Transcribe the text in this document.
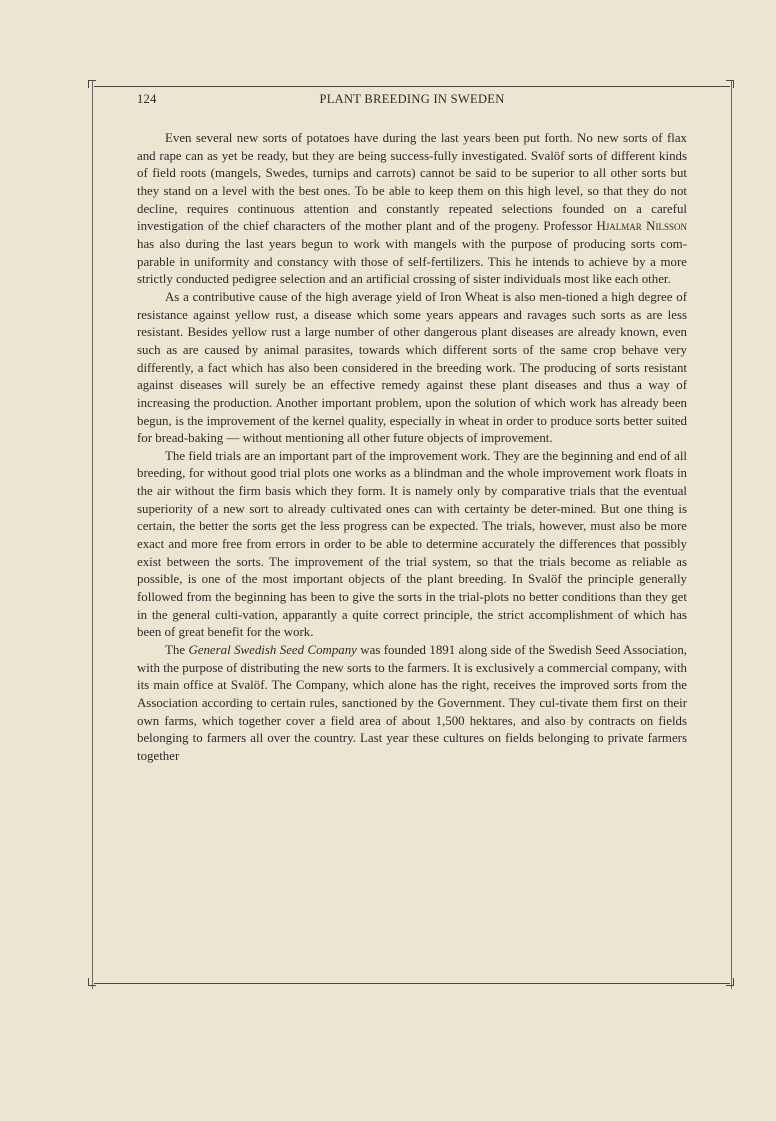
124	PLANT BREEDING IN SWEDEN

Even several new sorts of potatoes have during the last years been put forth. No new sorts of flax and rape can as yet be ready, but they are being success-fully investigated. Svalöf sorts of different kinds of field roots (mangels, Swedes, turnips and carrots) cannot be said to be superior to all other sorts but they stand on a level with the best ones. To be able to keep them on this high level, so that they do not decline, requires continuous attention and constantly repeated selections founded on a careful investigation of the chief characters of the mother plant and of the progeny. Professor Hjalmar Nilsson has also during the last years begun to work with mangels with the purpose of producing sorts com-parable in uniformity and constancy with those of self-fertilizers. This he intends to achieve by a more strictly conducted pedigree selection and an artificial crossing of sister individuals most like each other.

As a contributive cause of the high average yield of Iron Wheat is also men-tioned a high degree of resistance against yellow rust, a disease which some years appears and ravages such sorts as are less resistant. Besides yellow rust a large number of other dangerous plant diseases are already known, even such as are caused by animal parasites, towards which different sorts of the same crop behave very differently, a fact which has also been considered in the breeding work. The producing of sorts resistant against diseases will surely be an effective remedy against these plant diseases and thus a way of increasing the production. Another important problem, upon the solution of which work has already been begun, is the improvement of the kernel quality, especially in wheat in order to produce sorts better suited for bread-baking — without mentioning all other future objects of improvement.

The field trials are an important part of the improvement work. They are the beginning and end of all breeding, for without good trial plots one works as a blindman and the whole improvement work floats in the air without the firm basis which they form. It is namely only by comparative trials that the eventual superiority of a new sort to already cultivated ones can with certainty be deter-mined. But one thing is certain, the better the sorts get the less progress can be expected. The trials, however, must also be more exact and more free from errors in order to be able to determine accurately the differences that possibly exist between the sorts. The improvement of the trial system, so that the trials become as reliable as possible, is one of the most important objects of the plant breeding. In Svalöf the principle generally followed from the beginning has been to give the sorts in the trial-plots no better conditions than they get in the general culti-vation, apparantly a quite correct principle, the strict accomplishment of which has been of great benefit for the work.

The General Swedish Seed Company was founded 1891 along side of the Swedish Seed Association, with the purpose of distributing the new sorts to the farmers. It is exclusively a commercial company, with its main office at Svalöf. The Company, which alone has the right, receives the improved sorts from the Association according to certain rules, sanctioned by the Government. They cul-tivate them first on their own farms, which together cover a field area of about 1,500 hektares, and also by contracts on fields belonging to farmers all over the country. Last year these cultures on fields belonging to private farmers together
